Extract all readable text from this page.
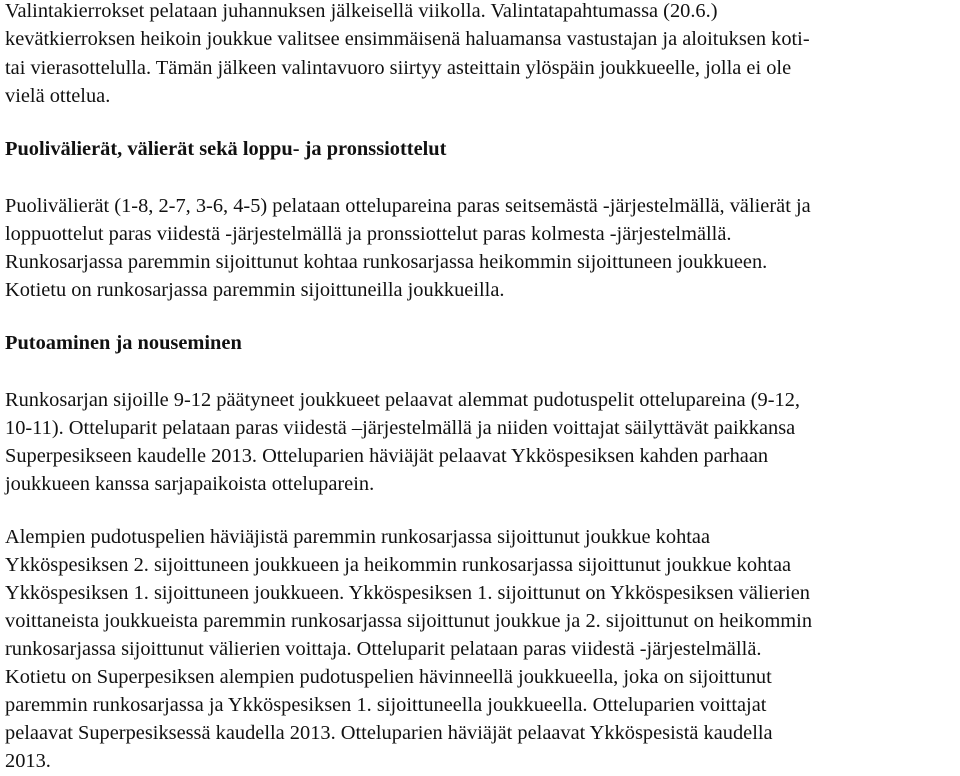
Valintakierrokset pelataan juhannuksen jälkeisellä viikolla. Valintatapahtumassa (20.6.)
kevätkierroksen heikoin joukkue valitsee ensimmäisenä haluamansa vastustajan ja aloituksen koti-
tai vierasottelulla. Tämän jälkeen valintavuoro siirtyy asteittain ylöspäin joukkueelle, jolla ei ole
vielä ottelua.
Puolivälierät, välierät sekä loppu- ja pronssiottelut
Puolivälierät (1-8, 2-7, 3-6, 4-5) pelataan ottelupareina paras seitsemästä -järjestelmällä, välierät ja
loppuottelut paras viidestä -järjestelmällä ja pronssiottelut paras kolmesta -järjestelmällä.
Runkosarjassa paremmin sijoittunut kohtaa runkosarjassa heikommin sijoittuneen joukkueen.
Kotietu on runkosarjassa paremmin sijoittuneilla joukkueilla.
Putoaminen ja nouseminen
Runkosarjan sijoille 9-12 päätyneet joukkueet pelaavat alemmat pudotuspelit ottelupareina (9-12,
10-11). Otteluparit pelataan paras viidestä –järjestelmällä ja niiden voittajat säilyttävät paikkansa
Superpesikseen kaudelle 2013. Otteluparien häviäjät pelaavat Ykköspesiksen kahden parhaan
joukkueen kanssa sarjapaikoista otteluparein.
Alempien pudotuspelien häviäjistä paremmin runkosarjassa sijoittunut joukkue kohtaa
Ykköspesiksen 2. sijoittuneen joukkueen ja heikommin runkosarjassa sijoittunut joukkue kohtaa
Ykköspesiksen 1. sijoittuneen joukkueen. Ykköspesiksen 1. sijoittunut on Ykköspesiksen välierien
voittaneista joukkueista paremmin runkosarjassa sijoittunut joukkue ja 2. sijoittunut on heikommin
runkosarjassa sijoittunut välierien voittaja. Otteluparit pelataan paras viidestä -järjestelmällä.
Kotietu on Superpesiksen alempien pudotuspelien hävinneellä joukkueella, joka on sijoittunut
paremmin runkosarjassa ja Ykköspesiksen 1. sijoittuneella joukkueella. Otteluparien voittajat
pelaavat Superpesiksessä kaudella 2013. Otteluparien häviäjät pelaavat Ykköspesistä kaudella
2013.
